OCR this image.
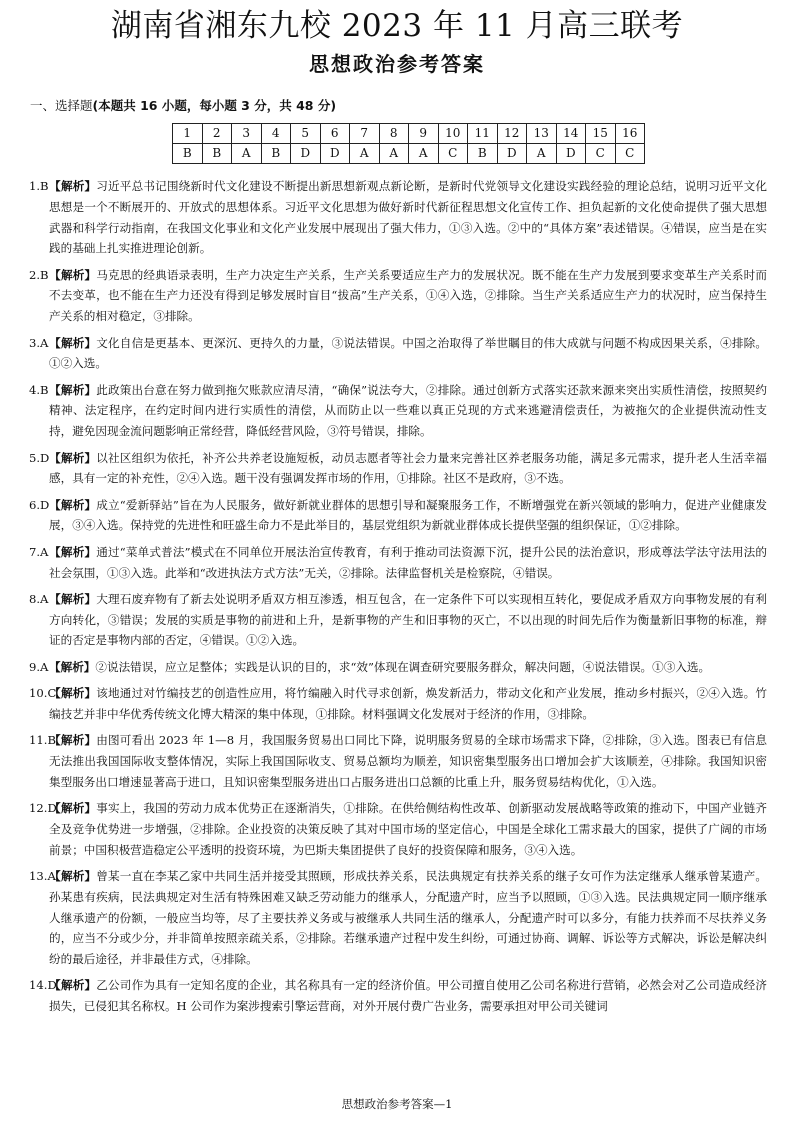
湖南省湘东九校 2023 年 11 月高三联考
思想政治参考答案
一、选择题(本题共 16 小题，每小题 3 分，共 48 分)
1	2	3	4	5	6	7	8	9	10	11	12	13	14	15	16
B	B	A	B	D	D	A	A	A	C	B	D	A	D	C	C

1.B【解析】习近平总书记围绕新时代文化建设不断提出新思想新观点新论断，是新时代党领导文化建设实践经验的理论总结，说明习近平文化思想是一个不断展开的、开放式的思想体系。习近平文化思想为做好新时代新征程思想文化宣传工作、担负起新的文化使命提供了强大思想武器和科学行动指南，在我国文化事业和文化产业发展中展现出了强大伟力，①③入选。②中的“具体方案”表述错误。④错误，应当是在实践的基础上扎实推进理论创新。

2.B【解析】马克思的经典语录表明，生产力决定生产关系，生产关系要适应生产力的发展状况。既不能在生产力发展到要求变革生产关系时而不去变革，也不能在生产力还没有得到足够发展时盲目“拔高”生产关系，①④入选，②排除。当生产关系适应生产力的状况时，应当保持生产关系的相对稳定，③排除。

3.A【解析】文化自信是更基本、更深沉、更持久的力量，③说法错误。中国之治取得了举世瞩目的伟大成就与问题不构成因果关系，④排除。①②入选。

4.B【解析】此政策出台意在努力做到拖欠账款应清尽清，“确保”说法夸大，②排除。通过创新方式落实还款来源来突出实质性清偿，按照契约精神、法定程序，在约定时间内进行实质性的清偿，从而防止以一些难以真正兑现的方式来逃避清偿责任，为被拖欠的企业提供流动性支持，避免因现金流问题影响正常经营，降低经营风险，③符号错误，排除。

5.D【解析】以社区组织为依托，补齐公共养老设施短板，动员志愿者等社会力量来完善社区养老服务功能，满足多元需求，提升老人生活幸福感，具有一定的补充性，②④入选。题干没有强调发挥市场的作用，①排除。社区不是政府，③不选。

6.D【解析】成立“爱新驿站”旨在为人民服务，做好新就业群体的思想引导和凝聚服务工作，不断增强党在新兴领域的影响力，促进产业健康发展，③④入选。保持党的先进性和旺盛生命力不是此举目的，基层党组织为新就业群体成长提供坚强的组织保证，①②排除。

7.A【解析】通过“菜单式普法”模式在不同单位开展法治宣传教育，有利于推动司法资源下沉，提升公民的法治意识，形成尊法学法守法用法的社会氛围，①③入选。此举和“改进执法方式方法”无关，②排除。法律监督机关是检察院，④错误。

8.A【解析】大理石废弃物有了新去处说明矛盾双方相互渗透，相互包含，在一定条件下可以实现相互转化，要促成矛盾双方向事物发展的有利方向转化，③错误；发展的实质是事物的前进和上升，是新事物的产生和旧事物的灭亡，不以出现的时间先后作为衡量新旧事物的标准，辩证的否定是事物内部的否定，④错误。①②入选。

9.A【解析】②说法错误，应立足整体；实践是认识的目的，求“效”体现在调查研究要服务群众，解决问题，④说法错误。①③入选。

10.C【解析】该地通过对竹编技艺的创造性应用，将竹编融入时代寻求创新，焕发新活力，带动文化和产业发展，推动乡村振兴，②④入选。竹编技艺并非中华优秀传统文化博大精深的集中体现，①排除。材料强调文化发展对于经济的作用，③排除。

11.B【解析】由图可看出 2023 年 1—8 月，我国服务贸易出口同比下降，说明服务贸易的全球市场需求下降，②排除，③入选。图表已有信息无法推出我国国际收支整体情况，实际上我国国际收支、贸易总额均为顺差，知识密集型服务出口增加会扩大该顺差，④排除。我国知识密集型服务出口增速显著高于进口，且知识密集型服务进出口占服务进出口总额的比重上升，服务贸易结构优化，①入选。

12.D【解析】事实上，我国的劳动力成本优势正在逐渐消失，①排除。在供给侧结构性改革、创新驱动发展战略等政策的推动下，中国产业链齐全及竞争优势进一步增强，②排除。企业投资的决策反映了其对中国市场的坚定信心，中国是全球化工需求最大的国家，提供了广阔的市场前景；中国积极营造稳定公平透明的投资环境，为巴斯夫集团提供了良好的投资保障和服务，③④入选。

13.A【解析】曾某一直在李某乙家中共同生活并接受其照顾，形成扶养关系，民法典规定有扶养关系的继子女可作为法定继承人继承曾某遗产。孙某患有疾病，民法典规定对生活有特殊困难又缺乏劳动能力的继承人，分配遗产时，应当予以照顾，①③入选。民法典规定同一顺序继承人继承遗产的份额，一般应当均等，尽了主要扶养义务或与被继承人共同生活的继承人，分配遗产时可以多分，有能力扶养而不尽扶养义务的，应当不分或少分，并非简单按照亲疏关系，②排除。若继承遗产过程中发生纠纷，可通过协商、调解、诉讼等方式解决，诉讼是解决纠纷的最后途径，并非最佳方式，④排除。

14.D【解析】乙公司作为具有一定知名度的企业，其名称具有一定的经济价值。甲公司擅自使用乙公司名称进行营销，必然会对乙公司造成经济损失，已侵犯其名称权。H 公司作为案涉搜索引擎运营商，对外开展付费广告业务，需要承担对甲公司关键词

思想政治参考答案—1
